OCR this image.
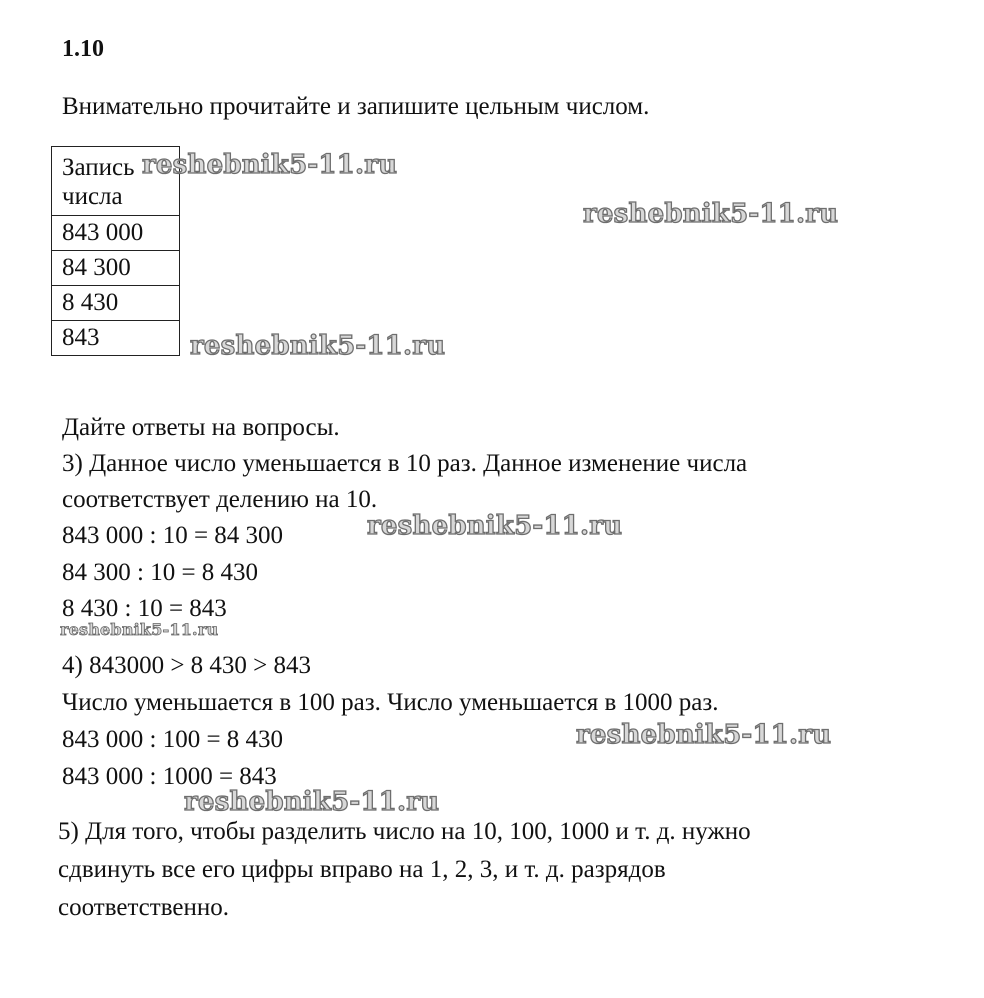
1.10

Внимательно прочитайте и запишите цельным числом.

Запись
числа
843 000
84 300
8 430
843

Дайте ответы на вопросы.

3) Данное число уменьшается в 10 раз. Данное изменение числа

соответствует делению на 10.

843 000 : 10 = 84 300

84 300 : 10 = 8 430

8 430 : 10 = 843

4) 843000 > 8 430 > 843

Число уменьшается в 100 раз. Число уменьшается в 1000 раз.

843 000 : 100 = 8 430

843 000 : 1000 = 843

5) Для того, чтобы разделить число на 10, 100, 1000 и т. д. нужно

сдвинуть все его цифры вправо на 1, 2, 3, и т. д. разрядов

соответственно.

reshebnik5-11.ru
reshebnik5-11.ru
reshebnik5-11.ru
reshebnik5-11.ru
reshebnik5-11.ru
reshebnik5-11.ru
reshebnik5-11.ru
